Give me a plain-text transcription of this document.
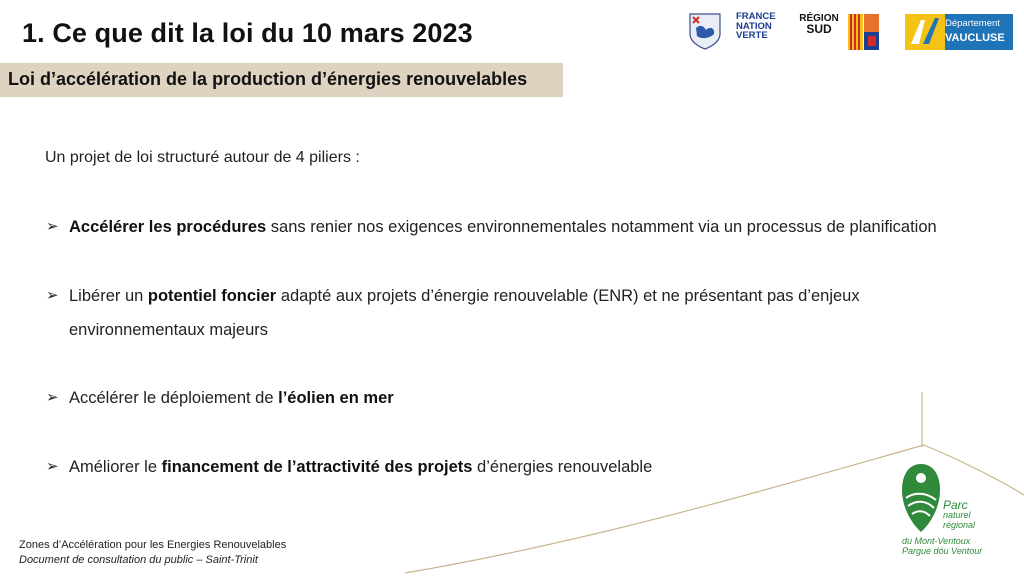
1. Ce que dit la loi du 10 mars 2023
Loi d’accélération de la production d’énergies renouvelables
FRANCE
NATION
VERTE
RÉGION
SUD	Département
VAUCLUSE
Un projet de loi structuré autour de 4 piliers :
➢ Accélérer les procédures sans renier nos exigences environnementales notamment via un processus de planification
➢ Libérer un potentiel foncier adapté aux projets d’énergie renouvelable (ENR) et ne présentant pas d’enjeux
environnementaux majeurs
➢ Accélérer le déploiement de l’éolien en mer
➢ Améliorer le financement de l’attractivité des projets d’énergies renouvelable
Parc
naturel
régional
du Mont-Ventoux
Pargue dóu Ventour
Zones d’Accélération pour les Energies Renouvelables
Document de consultation du public – Saint-Trinit
